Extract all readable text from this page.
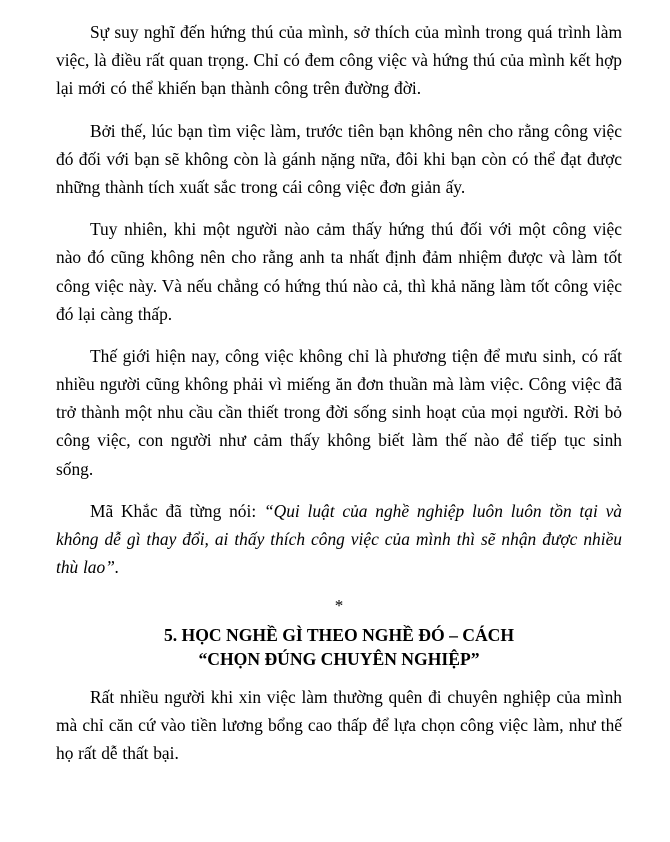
Sự suy nghĩ đến hứng thú của mình, sở thích của mình trong quá trình làm việc, là điều rất quan trọng. Chỉ có đem công việc và hứng thú của mình kết hợp lại mới có thể khiến bạn thành công trên đường đời.

Bởi thế, lúc bạn tìm việc làm, trước tiên bạn không nên cho rằng công việc đó đối với bạn sẽ không còn là gánh nặng nữa, đôi khi bạn còn có thể đạt được những thành tích xuất sắc trong cái công việc đơn giản ấy.

Tuy nhiên, khi một người nào cảm thấy hứng thú đối với một công việc nào đó cũng không nên cho rằng anh ta nhất định đảm nhiệm được và làm tốt công việc này. Và nếu chẳng có hứng thú nào cả, thì khả năng làm tốt công việc đó lại càng thấp.

Thế giới hiện nay, công việc không chỉ là phương tiện để mưu sinh, có rất nhiều người cũng không phải vì miếng ăn đơn thuần mà làm việc. Công việc đã trở thành một nhu cầu cần thiết trong đời sống sinh hoạt của mọi người. Rời bỏ công việc, con người như cảm thấy không biết làm thế nào để tiếp tục sinh sống.

Mã Khắc đã từng nói: “Qui luật của nghề nghiệp luôn luôn tồn tại và không dễ gì thay đổi, ai thấy thích công việc của mình thì sẽ nhận được nhiều thù lao”.

*
5. HỌC NGHỀ GÌ THEO NGHỀ ĐÓ – CÁCH
“CHỌN ĐÚNG CHUYÊN NGHIỆP”

Rất nhiều người khi xin việc làm thường quên đi chuyên nghiệp của mình mà chỉ căn cứ vào tiền lương bổng cao thấp để lựa chọn công việc làm, như thế họ rất dễ thất bại.
